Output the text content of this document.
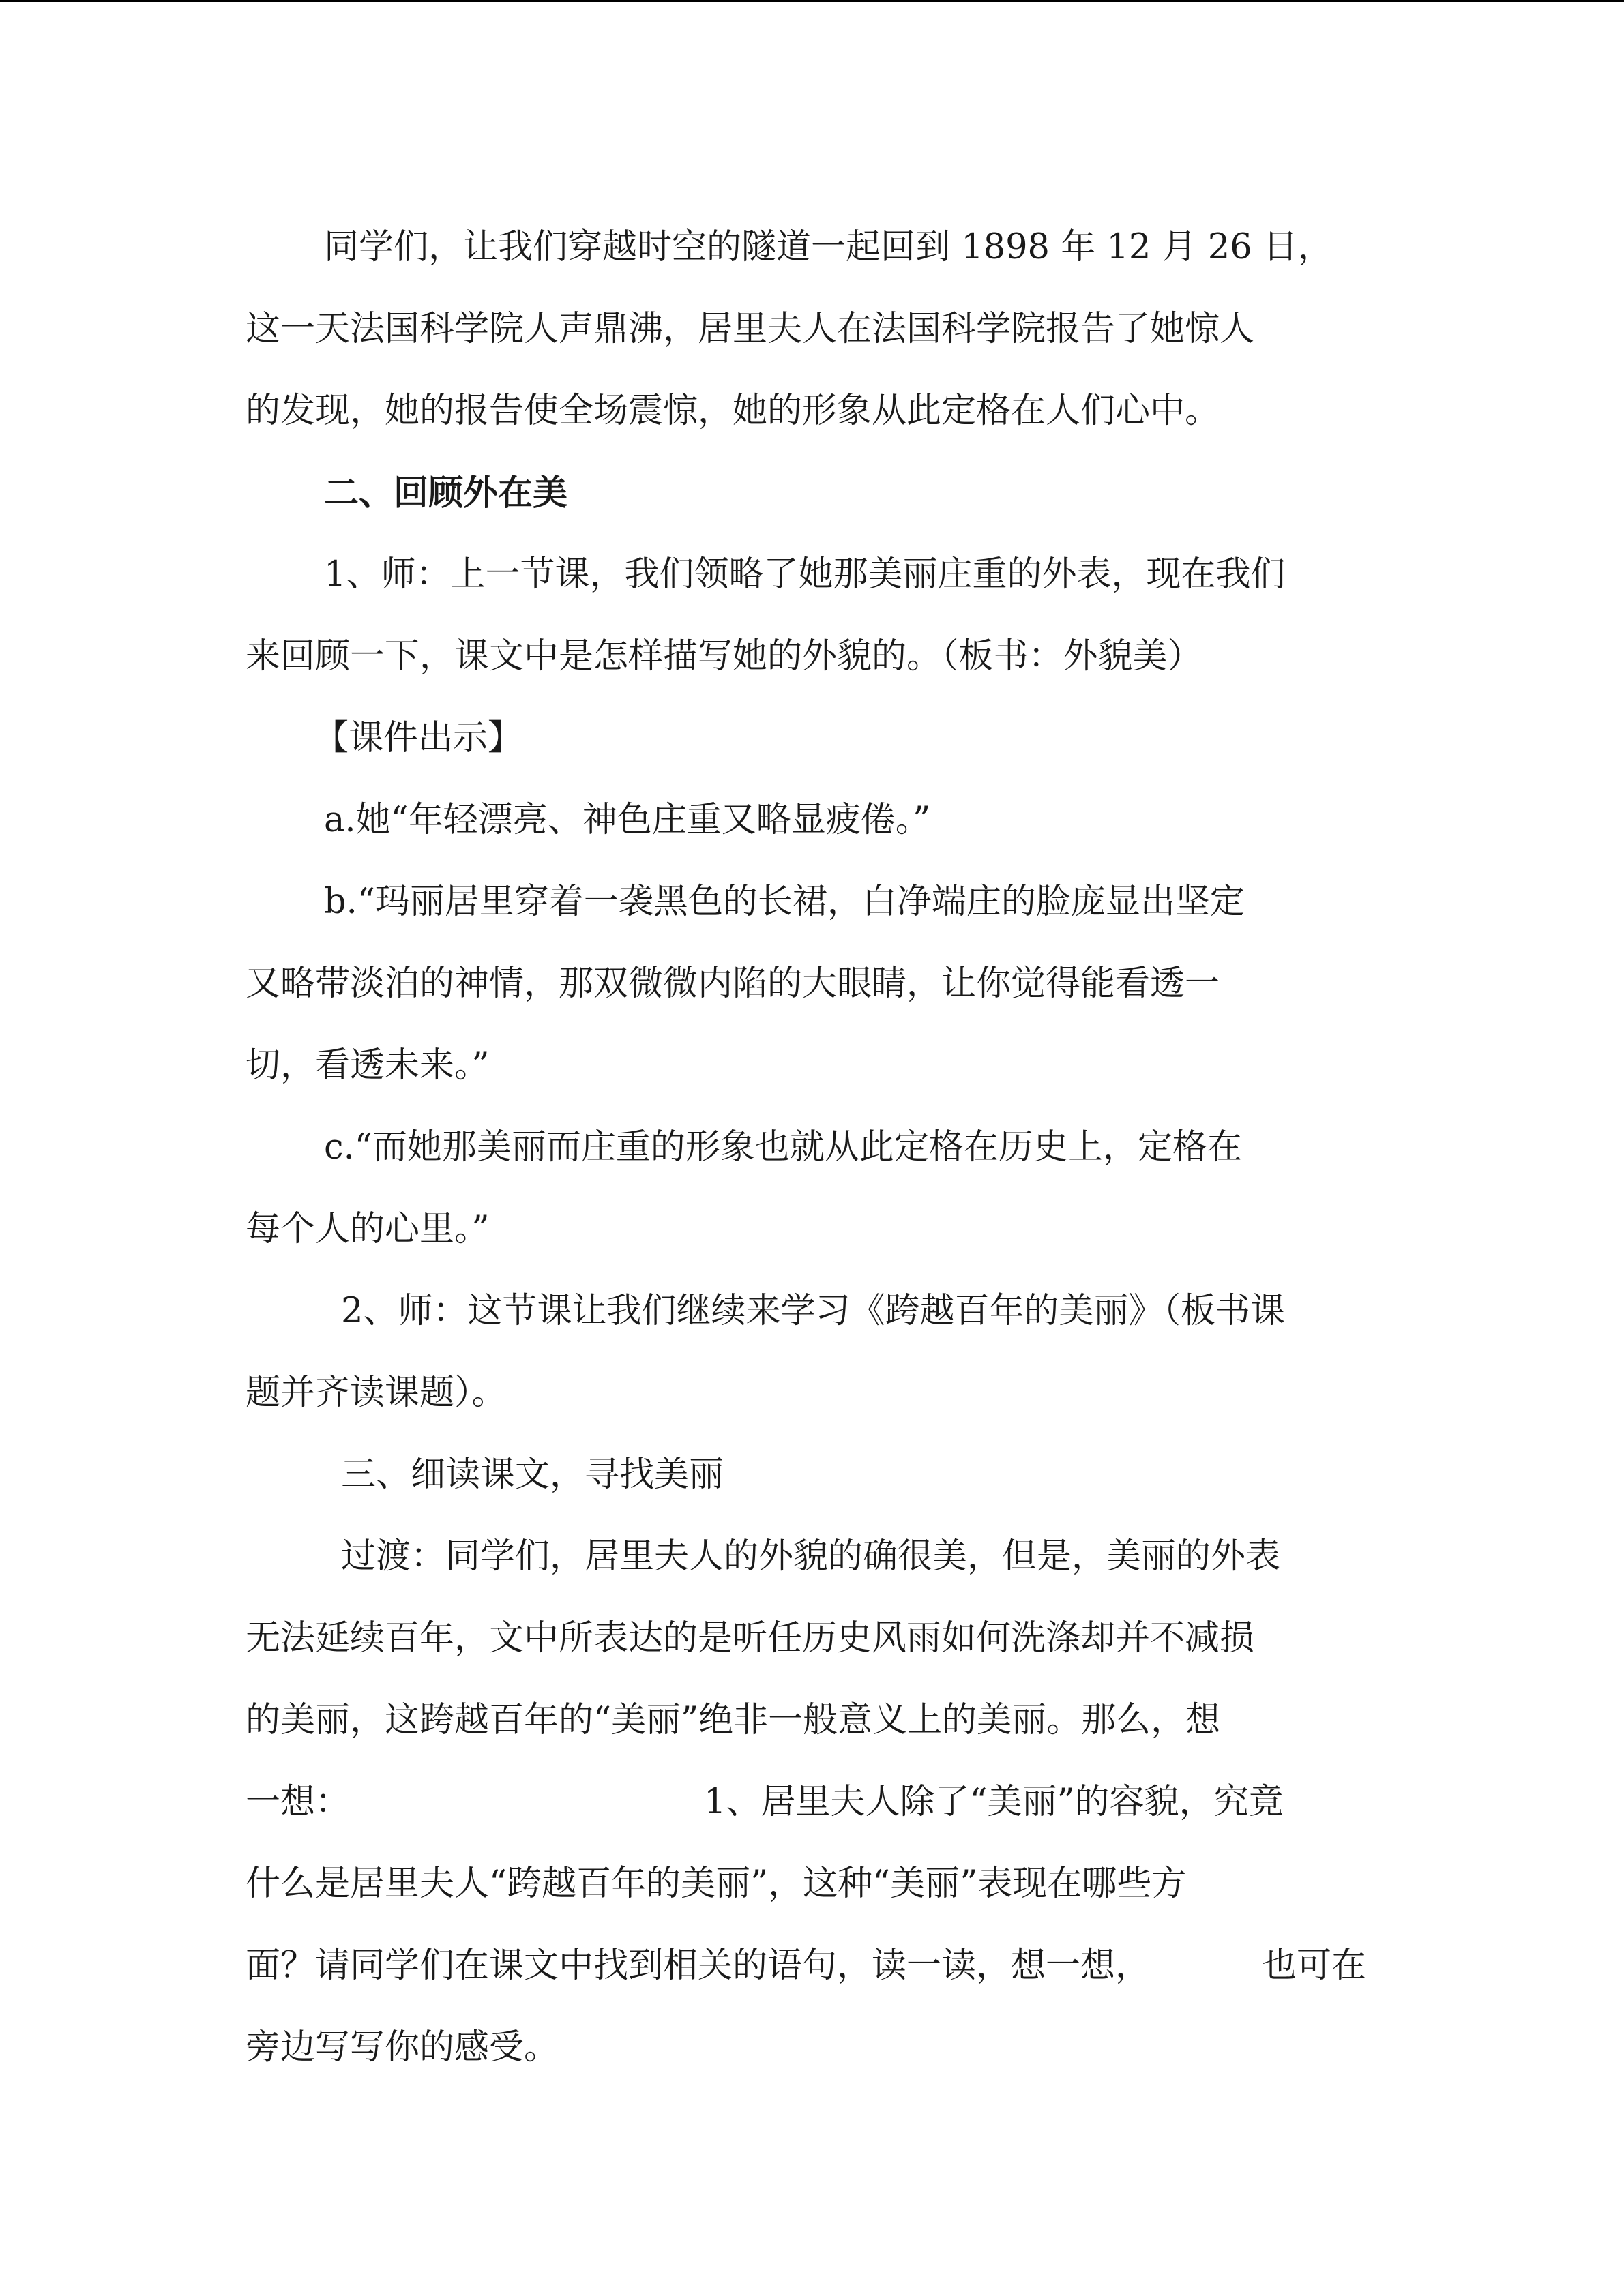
同学们，让我们穿越时空的隧道一起回到 1898 年 12 月 26 日，
这一天法国科学院人声鼎沸，居里夫人在法国科学院报告了她惊人
的发现，她的报告使全场震惊，她的形象从此定格在人们心中。
二、回顾外在美
1、师：上一节课，我们领略了她那美丽庄重的外表，现在我们
来回顾一下，课文中是怎样描写她的外貌的。（板书：外貌美）
【课件出示】
a.她“年轻漂亮、神色庄重又略显疲倦。”
b.“玛丽居里穿着一袭黑色的长裙，白净端庄的脸庞显出坚定
又略带淡泊的神情，那双微微内陷的大眼睛，让你觉得能看透一
切，看透未来。”
c.“而她那美丽而庄重的形象也就从此定格在历史上，定格在
每个人的心里。”
2、师：这节课让我们继续来学习《跨越百年的美丽》（板书课
题并齐读课题）。
三、细读课文，寻找美丽
过渡：同学们，居里夫人的外貌的确很美，但是，美丽的外表
无法延续百年，文中所表达的是听任历史风雨如何洗涤却并不减损
的美丽，这跨越百年的“美丽”绝非一般意义上的美丽。那么，想
一想：	1、居里夫人除了“美丽”的容貌，究竟
什么是居里夫人“跨越百年的美丽”，这种“美丽”表现在哪些方
面？请同学们在课文中找到相关的语句，读一读，想一想，	也可在
旁边写写你的感受。
